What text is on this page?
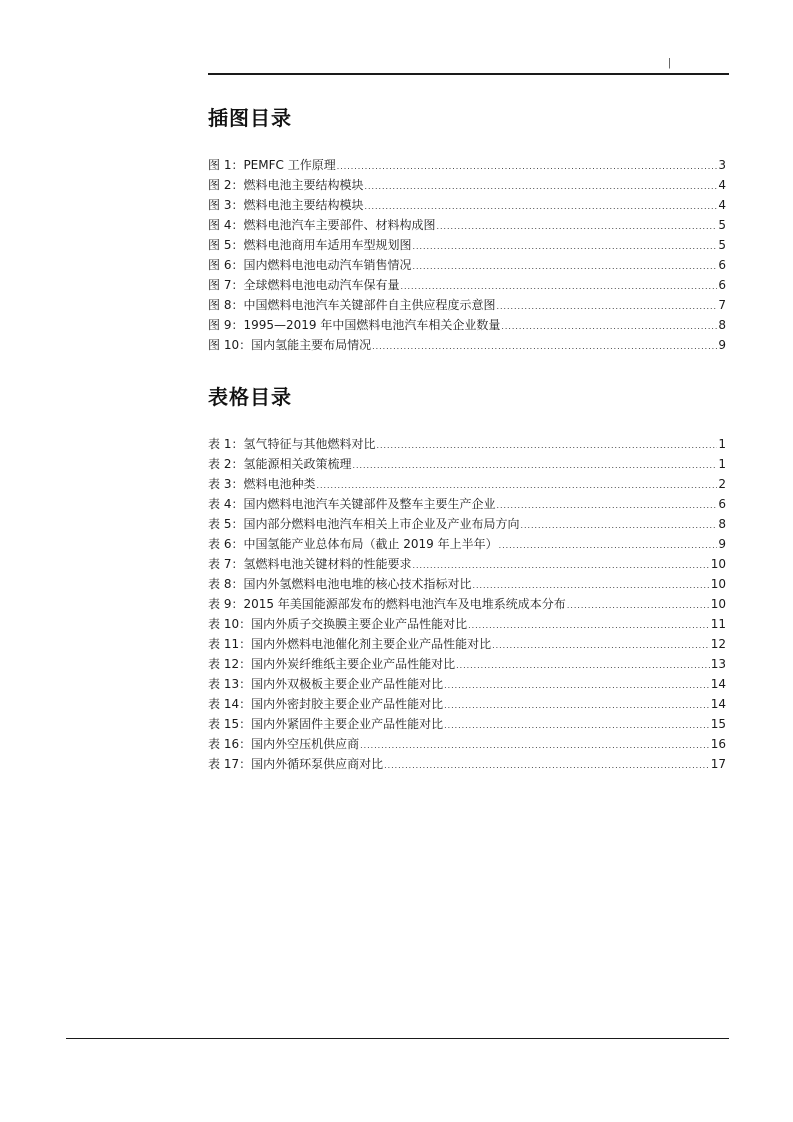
|
插图目录
图 1：PEMFC 工作原理 .....	3
图 2：燃料电池主要结构模块 .....	4
图 3：燃料电池主要结构模块 .....	4
图 4：燃料电池汽车主要部件、材料构成图 .....	5
图 5：燃料电池商用车适用车型规划图 .....	5
图 6：国内燃料电池电动汽车销售情况 .....	6
图 7：全球燃料电池电动汽车保有量 .....	6
图 8：中国燃料电池汽车关键部件自主供应程度示意图 .....	7
图 9：1995—2019 年中国燃料电池汽车相关企业数量 .....	8
图 10：国内氢能主要布局情况 .....	9
表格目录
表 1：氢气特征与其他燃料对比 .....	1
表 2：氢能源相关政策梳理 .....	1
表 3：燃料电池种类 .....	2
表 4：国内燃料电池汽车关键部件及整车主要生产企业 .....	6
表 5：国内部分燃料电池汽车相关上市企业及产业布局方向 .....	8
表 6：中国氢能产业总体布局（截止 2019 年上半年） .....	9
表 7：氢燃料电池关键材料的性能要求 .....	10
表 8：国内外氢燃料电池电堆的核心技术指标对比 .....	10
表 9：2015 年美国能源部发布的燃料电池汽车及电堆系统成本分布 .....	10
表 10：国内外质子交换膜主要企业产品性能对比 .....	11
表 11：国内外燃料电池催化剂主要企业产品性能对比 .....	12
表 12：国内外炭纤维纸主要企业产品性能对比 .....	13
表 13：国内外双极板主要企业产品性能对比 .....	14
表 14：国内外密封胶主要企业产品性能对比 .....	14
表 15：国内外紧固件主要企业产品性能对比 .....	15
表 16：国内外空压机供应商 .....	16
表 17：国内外循环泵供应商对比 .....	17
